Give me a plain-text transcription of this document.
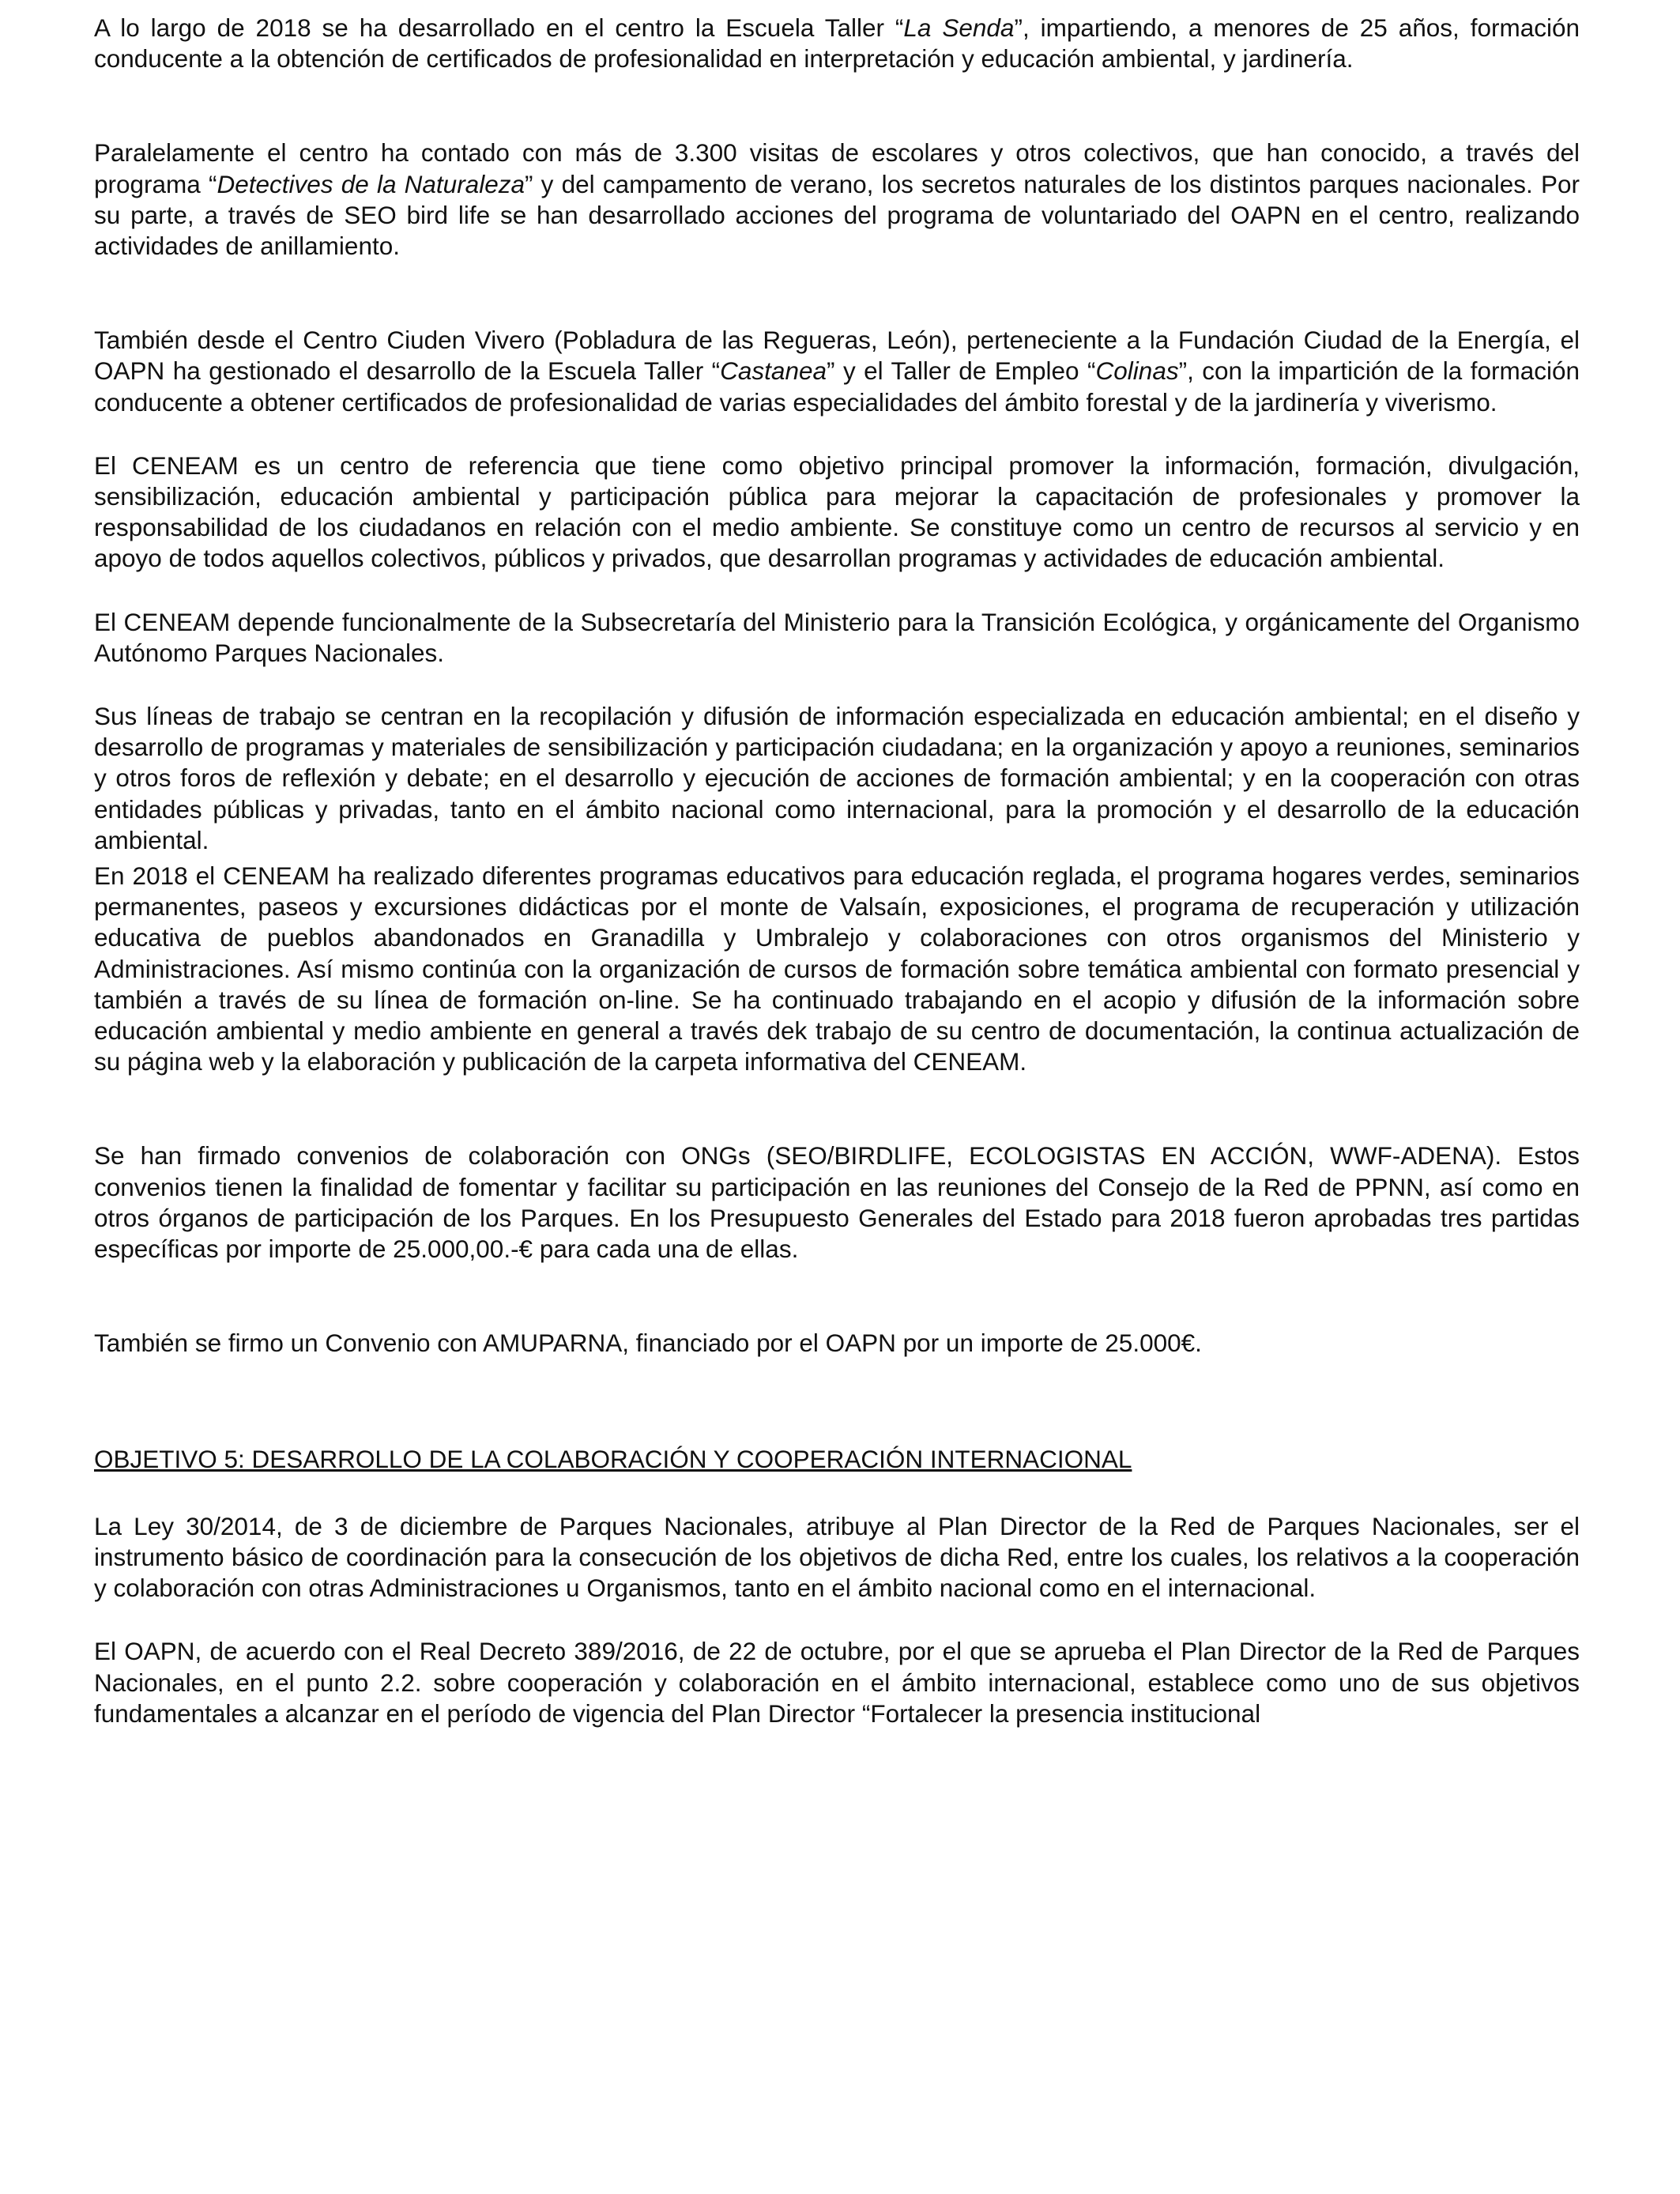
A lo largo de 2018 se ha desarrollado en el centro la Escuela Taller “La Senda”, impartiendo, a menores de 25 años, formación conducente a la obtención de certificados de profesionalidad en interpretación y educación ambiental, y jardinería.

Paralelamente el centro ha contado con más de 3.300 visitas de escolares y otros colectivos, que han conocido, a través del programa “Detectives de la Naturaleza” y del campamento de verano, los secretos naturales de los distintos parques nacionales. Por su parte, a través de SEO bird life se han desarrollado acciones del programa de voluntariado del OAPN en el centro, realizando actividades de anillamiento.

También desde el Centro Ciuden Vivero (Pobladura de las Regueras, León), perteneciente a la Fundación Ciudad de la Energía, el OAPN ha gestionado el desarrollo de la Escuela Taller “Castanea” y el Taller de Empleo “Colinas”, con la impartición de la formación conducente a obtener certificados de profesionalidad de varias especialidades del ámbito forestal y de la jardinería y viverismo.

El CENEAM es un centro de referencia que tiene como objetivo principal promover la información, formación, divulgación, sensibilización, educación ambiental y participación pública para mejorar la capacitación de profesionales y promover la responsabilidad de los ciudadanos en relación con el medio ambiente. Se constituye como un centro de recursos al servicio y en apoyo de todos aquellos colectivos, públicos y privados, que desarrollan programas y actividades de educación ambiental.

El CENEAM depende funcionalmente de la Subsecretaría del Ministerio para la Transición Ecológica, y orgánicamente del Organismo Autónomo Parques Nacionales.

Sus líneas de trabajo se centran en la recopilación y difusión de información especializada en educación ambiental; en el diseño y desarrollo de programas y materiales de sensibilización y participación ciudadana; en la organización y apoyo a reuniones, seminarios y otros foros de reflexión y debate; en el desarrollo y ejecución de acciones de formación ambiental; y en la cooperación con otras entidades públicas y privadas, tanto en el ámbito nacional como internacional, para la promoción y el desarrollo de la educación ambiental.

En 2018 el CENEAM ha realizado diferentes programas educativos para educación reglada, el programa hogares verdes, seminarios permanentes, paseos y excursiones didácticas por el monte de Valsaín, exposiciones, el programa de recuperación y utilización educativa de pueblos abandonados en Granadilla y Umbralejo y colaboraciones con otros organismos del Ministerio y Administraciones. Así mismo continúa con la organización de cursos de formación sobre temática ambiental con formato presencial y también a través de su línea de formación on-line. Se ha continuado trabajando en el acopio y difusión de la información sobre educación ambiental y medio ambiente en general a través dek trabajo de su centro de documentación, la continua actualización de su página web y la elaboración y publicación de la carpeta informativa del CENEAM.

Se han firmado convenios de colaboración con ONGs (SEO/BIRDLIFE, ECOLOGISTAS EN ACCIÓN, WWF-ADENA). Estos convenios tienen la finalidad de fomentar y facilitar su participación en las reuniones del Consejo de la Red de PPNN, así como en otros órganos de participación de los Parques. En los Presupuesto Generales del Estado para 2018 fueron aprobadas tres partidas específicas por importe de 25.000,00.-€ para cada una de ellas.

También se firmo un Convenio con AMUPARNA, financiado por el OAPN por un importe de 25.000€.

OBJETIVO 5: DESARROLLO DE LA COLABORACIÓN Y COOPERACIÓN INTERNACIONAL

La Ley 30/2014, de 3 de diciembre de Parques Nacionales, atribuye al Plan Director de la Red de Parques Nacionales, ser el instrumento básico de coordinación para la consecución de los objetivos de dicha Red, entre los cuales, los relativos a la cooperación y colaboración con otras Administraciones u Organismos, tanto en el ámbito nacional como en el internacional.

El OAPN, de acuerdo con el Real Decreto 389/2016, de 22 de octubre, por el que se aprueba el Plan Director de la Red de Parques Nacionales, en el punto 2.2. sobre cooperación y colaboración en el ámbito internacional, establece como uno de sus objetivos fundamentales a alcanzar en el período de vigencia del Plan Director “Fortalecer la presencia institucional
